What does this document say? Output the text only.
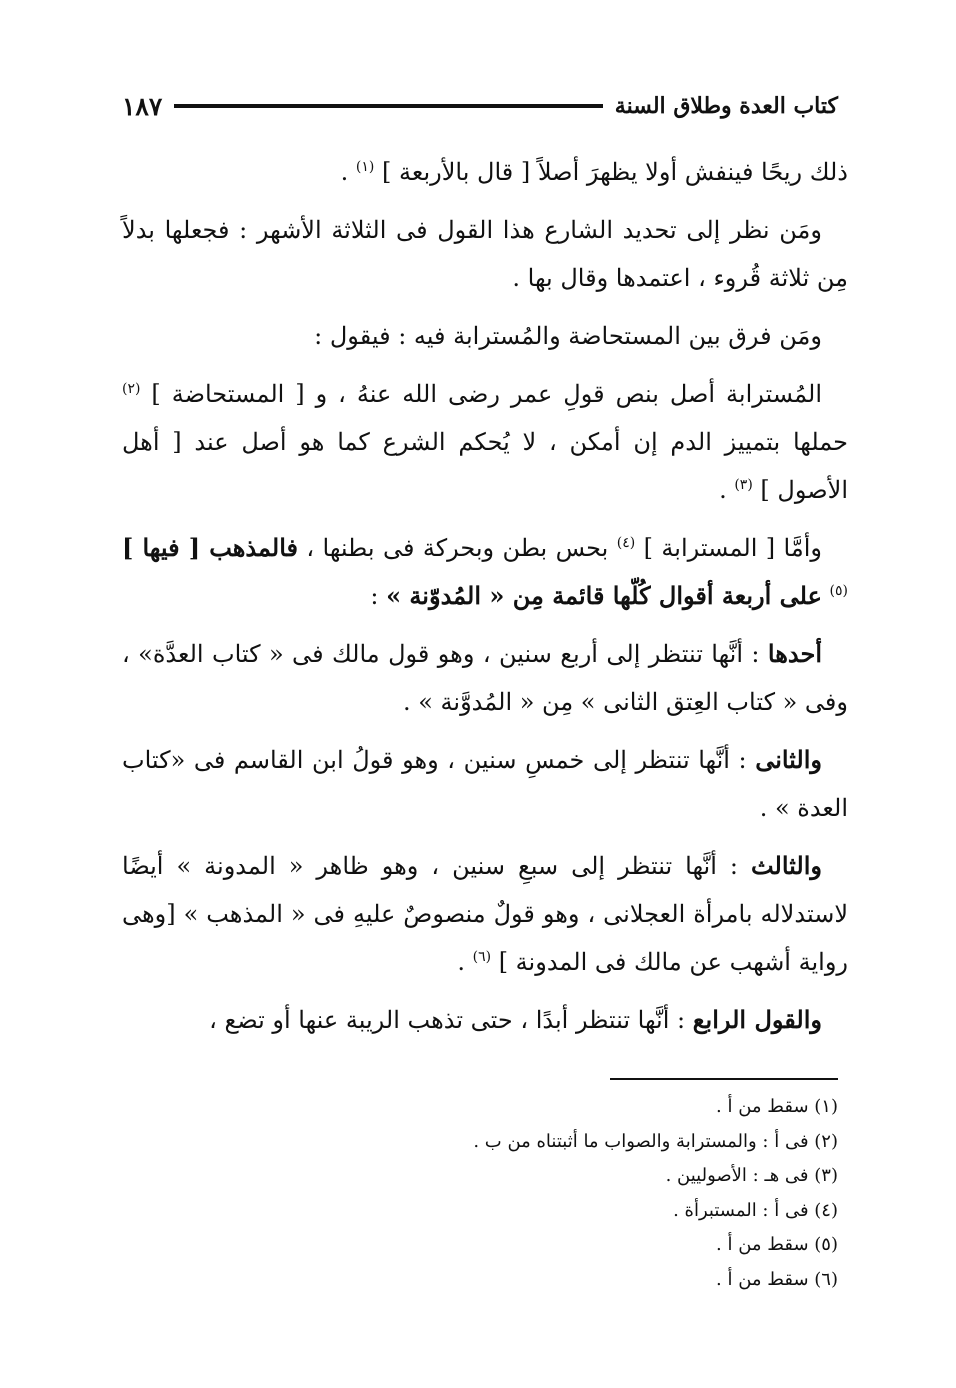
كتاب العدة وطلاق السنة
١٨٧

ذلك ريحًا فينفش أولا يظهرَ أصلاً [ قال بالأربعة ] $^{(١)}$ .

ومَن نظر إلى تحديد الشارع هذا القول فى الثلاثة الأشهر : فجعلها بدلاً مِن ثلاثة قُروء ، اعتمدها وقال بها .

ومَن فرق بين المستحاضة والمُسترابة فيه : فيقول :

المُسترابة أصل بنص قولِ عمر رضى الله عنهُ ، و [ المستحاضة ] $^{(٢)}$ حملها بتمييز الدم إن أمكن ، لا يُحكم الشرع كما هو أصل عند [ أهل الأصول ] $^{(٣)}$ .

وأمَّا [ المسترابة ] $^{(٤)}$ بحس بطن وبحركة فى بطنها ، فالمذهب [ فيها ]$^{(٥)}$ على أربعة أقوال كُلّها قائمة مِن « المُدوّنة » :

أحدها : أنَّها تنتظر إلى أربع سنين ، وهو قول مالك فى « كتاب العدَّة» ، وفى « كتاب العِتق الثانى » مِن « المُدوَّنة » .

والثانى : أنَّها تنتظر إلى خمسِ سنين ، وهو قولُ ابن القاسم فى «كتاب العدة » .

والثالث : أنَّها تنتظر إلى سبعِ سنين ، وهو ظاهر « المدونة » أيضًا لاستدلاله بامرأة العجلانى ، وهو قولٌ منصوصٌ عليهِ فى « المذهب » [وهى رواية أشهب عن مالك فى المدونة ] $^{(٦)}$ .

والقول الرابع : أنَّها تنتظر أبدًا ، حتى تذهب الريبة عنها أو تضع ،

(١) سقط من أ .
(٢) فى أ : والمسترابة والصواب ما أثبتناه من ب .
(٣) فى هـ : الأصوليين .
(٤) فى أ : المستبرأة .
(٥) سقط من أ .
(٦) سقط من أ .
